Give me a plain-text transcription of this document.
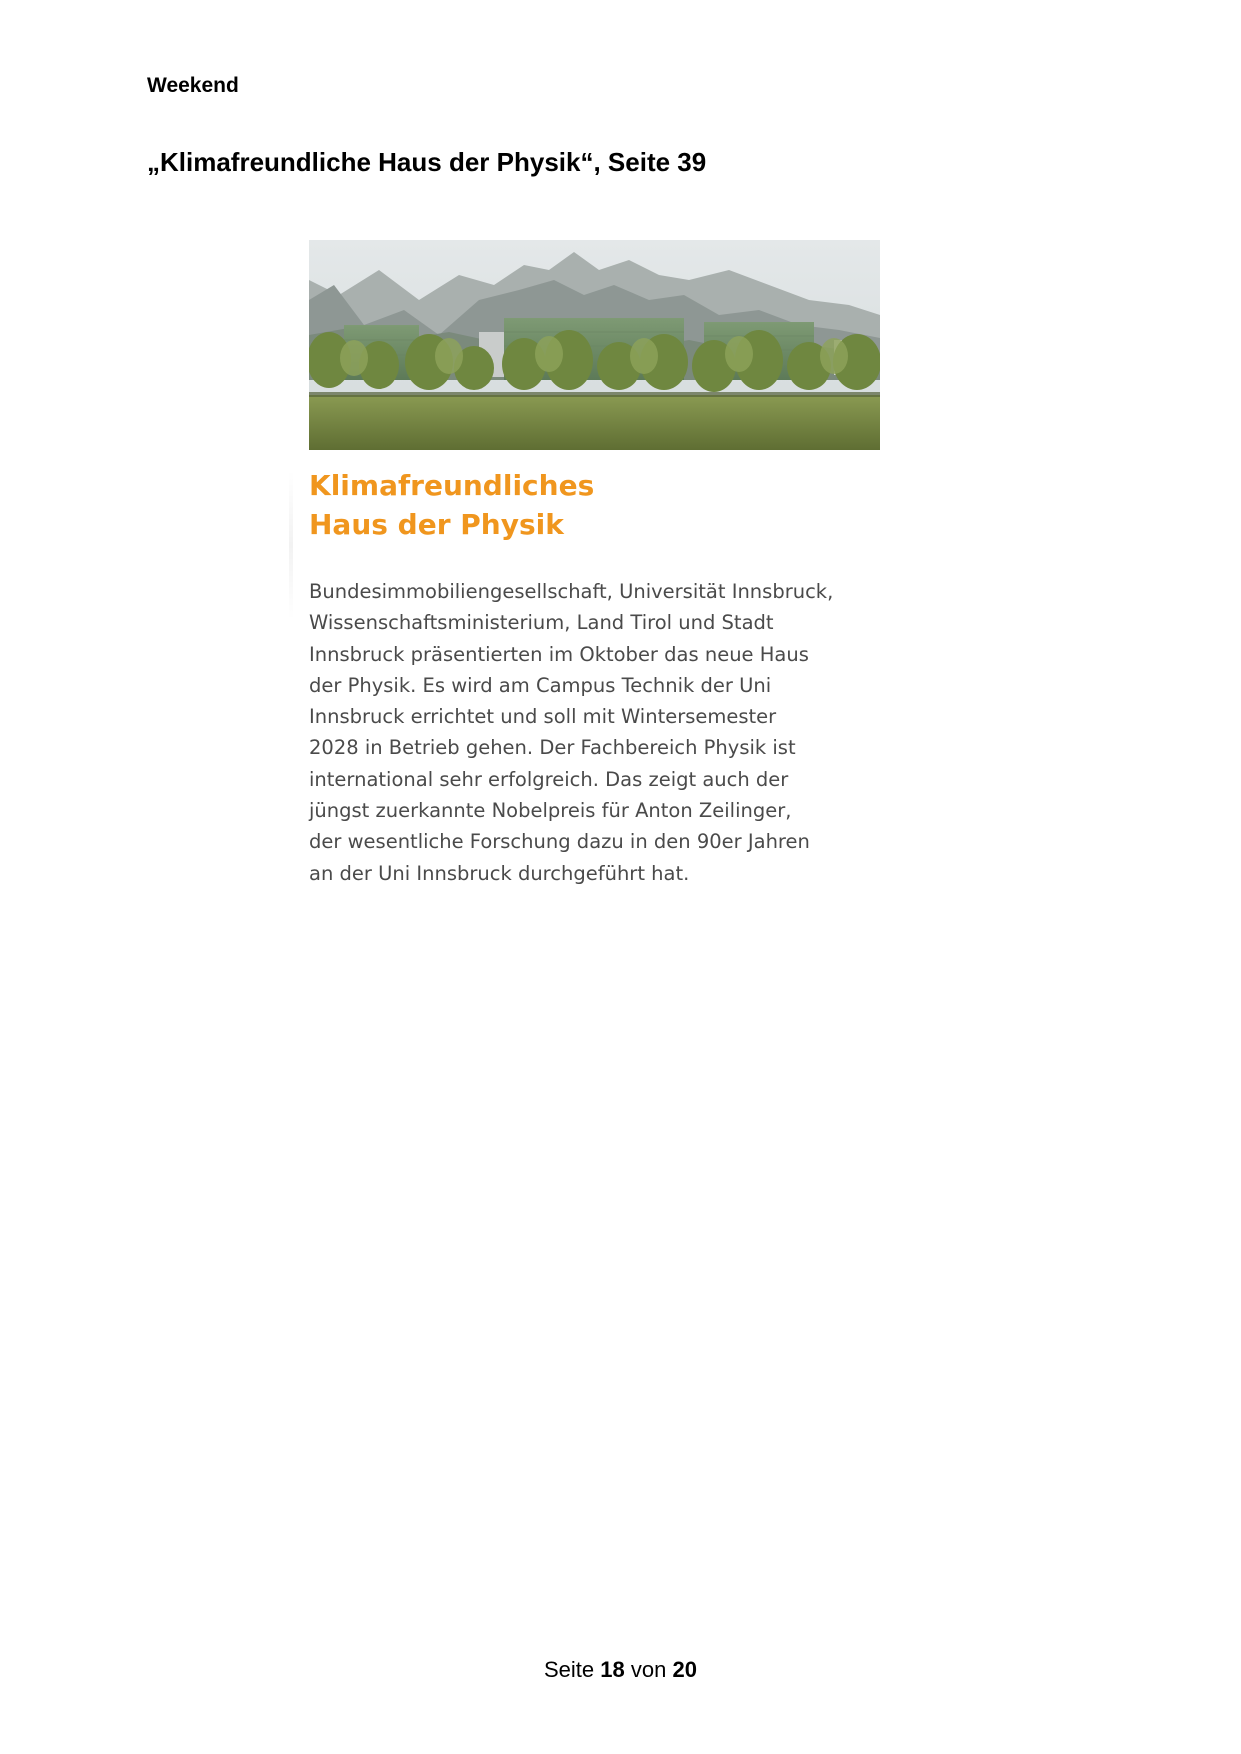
Weekend

„Klimafreundliche Haus der Physik“, Seite 39
Klimafreundliches
Haus der Physik

Bundesimmobiliengesellschaft, Universität Innsbruck,
Wissenschaftsministerium, Land Tirol und Stadt
Innsbruck präsentierten im Oktober das neue Haus
der Physik. Es wird am Campus Technik der Uni
Innsbruck errichtet und soll mit Wintersemester
2028 in Betrieb gehen. Der Fachbereich Physik ist
international sehr erfolgreich. Das zeigt auch der
jüngst zuerkannte Nobelpreis für Anton Zeilinger,
der wesentliche Forschung dazu in den 90er Jahren
an der Uni Innsbruck durchgeführt hat.

Seite 18 von 20
